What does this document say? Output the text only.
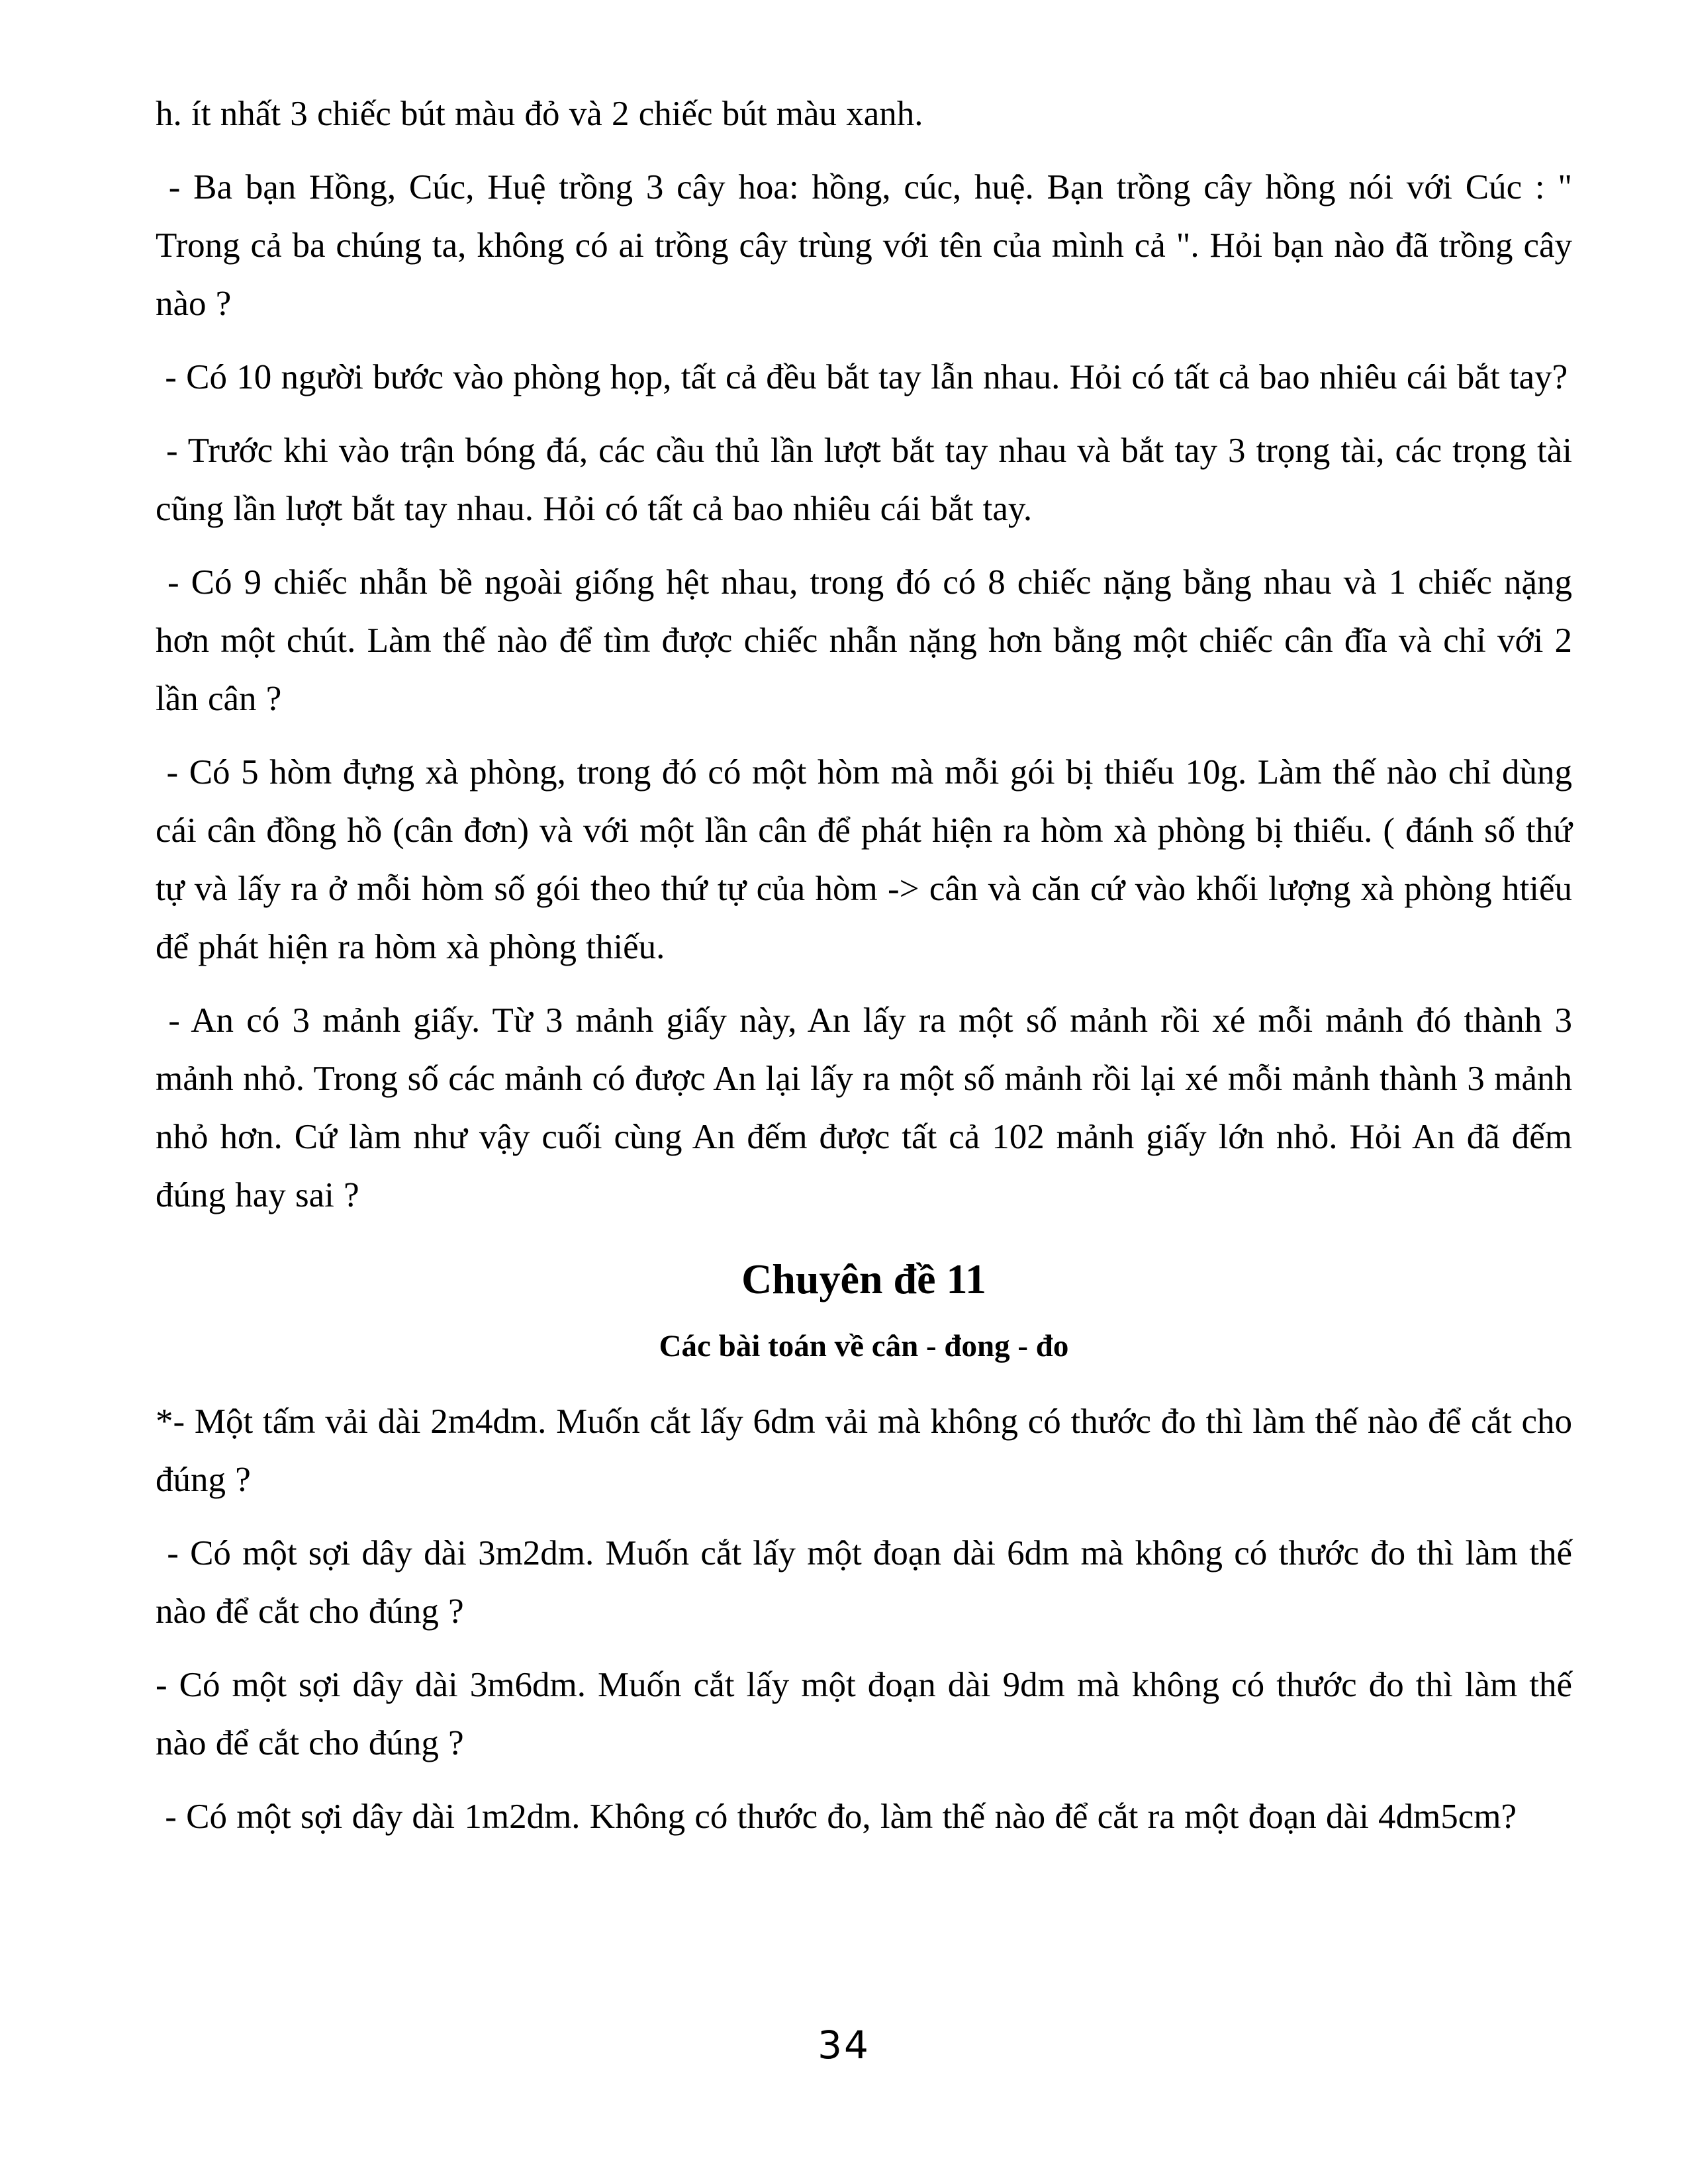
h. ít nhất 3 chiếc bút màu đỏ và 2 chiếc bút màu xanh.

- Ba bạn Hồng, Cúc, Huệ trồng 3 cây hoa: hồng, cúc, huệ. Bạn trồng cây hồng nói với Cúc : " Trong cả ba chúng ta, không có ai trồng cây trùng với tên của mình cả ". Hỏi bạn nào đã trồng cây nào ?

- Có 10 người bước vào phòng họp, tất cả đều bắt tay lẫn nhau. Hỏi có tất cả bao nhiêu cái bắt tay?

- Trước khi vào trận bóng đá, các cầu thủ lần lượt bắt tay nhau và bắt tay 3 trọng tài, các trọng tài cũng lần lượt bắt tay nhau. Hỏi có tất cả bao nhiêu cái bắt tay.

- Có 9 chiếc nhẫn bề ngoài giống hệt nhau, trong đó có 8 chiếc nặng bằng nhau và 1 chiếc nặng hơn một chút. Làm thế nào để tìm được chiếc nhẫn nặng hơn bằng một chiếc cân đĩa và chỉ với 2 lần cân ?

- Có 5 hòm đựng xà phòng, trong đó có một hòm mà mỗi gói bị thiếu 10g. Làm thế nào chỉ dùng cái cân đồng hồ (cân đơn) và với một lần cân để phát hiện ra hòm xà phòng bị thiếu. ( đánh số thứ tự và lấy ra ở mỗi hòm số gói theo thứ tự của hòm -> cân và căn cứ vào khối lượng xà phòng htiếu để phát hiện ra hòm xà phòng thiếu.

- An có 3 mảnh giấy. Từ 3 mảnh giấy này, An lấy ra một số mảnh rồi xé mỗi mảnh đó thành 3 mảnh nhỏ. Trong số các mảnh có được An lại lấy ra một số mảnh rồi lại xé mỗi mảnh thành 3 mảnh nhỏ hơn. Cứ làm như vậy cuối cùng An đếm được tất cả 102 mảnh giấy lớn nhỏ. Hỏi An đã đếm đúng hay sai ?

Chuyên đề 11
Các bài toán về cân - đong - đo

*- Một tấm vải dài 2m4dm. Muốn cắt lấy 6dm vải mà không có thước đo thì làm thế nào để cắt cho đúng ?

- Có một sợi dây dài 3m2dm. Muốn cắt lấy một đoạn dài 6dm mà không có thước đo thì làm thế nào để cắt cho đúng ?

- Có một sợi dây dài 3m6dm. Muốn cắt lấy một đoạn dài 9dm mà không có thước đo thì làm thế nào để cắt cho đúng ?

- Có một sợi dây dài 1m2dm. Không có thước đo, làm thế nào để cắt ra một đoạn dài 4dm5cm?

34
